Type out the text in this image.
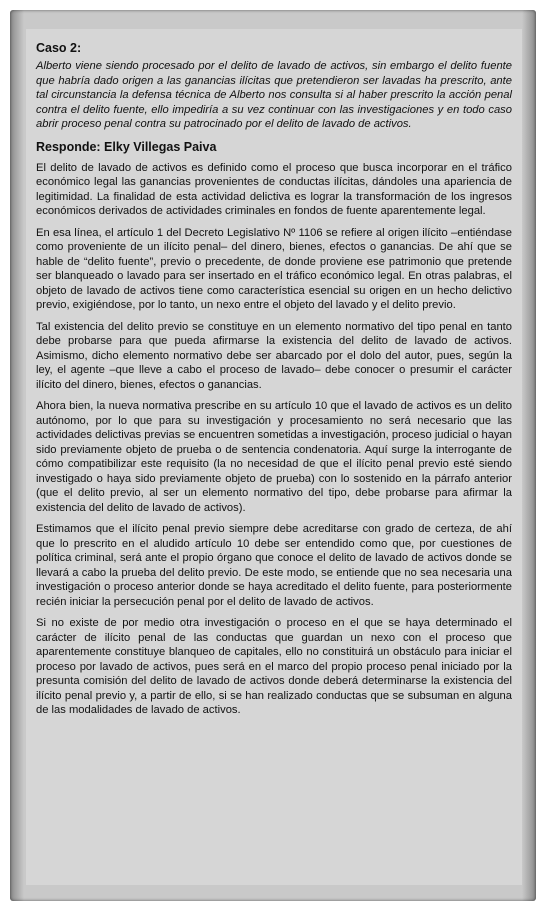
Caso 2:
Alberto viene siendo procesado por el delito de lavado de activos, sin embargo el delito fuente que habría dado origen a las ganancias ilícitas que pretendieron ser lavadas ha prescrito, ante tal circunstancia la defensa técnica de Alberto nos consulta si al haber prescrito la acción penal contra el delito fuente, ello impediría a su vez continuar con las investigaciones y en todo caso abrir proceso penal contra su patrocinado por el delito de lavado de activos.
Responde: Elky Villegas Paiva

El delito de lavado de activos es definido como el proceso que busca incorporar en el tráfico económico legal las ganancias provenientes de conductas ilícitas, dándoles una apariencia de legitimidad. La finalidad de esta actividad delictiva es lograr la transformación de los ingresos económicos derivados de actividades criminales en fondos de fuente aparentemente legal.

En esa línea, el artículo 1 del Decreto Legislativo Nº 1106 se refiere al origen ilícito –entiéndase como proveniente de un ilícito penal– del dinero, bienes, efectos o ganancias. De ahí que se hable de “delito fuente”, previo o precedente, de donde proviene ese patrimonio que pretende ser blanqueado o lavado para ser insertado en el tráfico económico legal. En otras palabras, el objeto de lavado de activos tiene como característica esencial su origen en un hecho delictivo previo, exigiéndose, por lo tanto, un nexo entre el objeto del lavado y el delito previo.

Tal existencia del delito previo se constituye en un elemento normativo del tipo penal en tanto debe probarse para que pueda afirmarse la existencia del delito de lavado de activos. Asimismo, dicho elemento normativo debe ser abarcado por el dolo del autor, pues, según la ley, el agente –que lleve a cabo el proceso de lavado– debe conocer o presumir el carácter ilícito del dinero, bienes, efectos o ganancias.

Ahora bien, la nueva normativa prescribe en su artículo 10 que el lavado de activos es un delito autónomo, por lo que para su investigación y procesamiento no será necesario que las actividades delictivas previas se encuentren sometidas a investigación, proceso judicial o hayan sido previamente objeto de prueba o de sentencia condenatoria. Aquí surge la interrogante de cómo compatibilizar este requisito (la no necesidad de que el ilícito penal previo esté siendo investigado o haya sido previamente objeto de prueba) con lo sostenido en la párrafo anterior (que el delito previo, al ser un elemento normativo del tipo, debe probarse para afirmar la existencia del delito de lavado de activos).

Estimamos que el ilícito penal previo siempre debe acreditarse con grado de certeza, de ahí que lo prescrito en el aludido artículo 10 debe ser entendido como que, por cuestiones de política criminal, será ante el propio órgano que conoce el delito de lavado de activos donde se llevará a cabo la prueba del delito previo. De este modo, se entiende que no sea necesaria una investigación o proceso anterior donde se haya acreditado el delito fuente, para posteriormente recién iniciar la persecución penal por el delito de lavado de activos.

Si no existe de por medio otra investigación o proceso en el que se haya determinado el carácter de ilícito penal de las conductas que guardan un nexo con el proceso que aparentemente constituye blanqueo de capitales, ello no constituirá un obstáculo para iniciar el proceso por lavado de activos, pues será en el marco del propio proceso penal iniciado por la presunta comisión del delito de lavado de activos donde deberá determinarse la existencia del ilícito penal previo y, a partir de ello, si se han realizado conductas que se subsuman en alguna de las modalidades de lavado de activos.
